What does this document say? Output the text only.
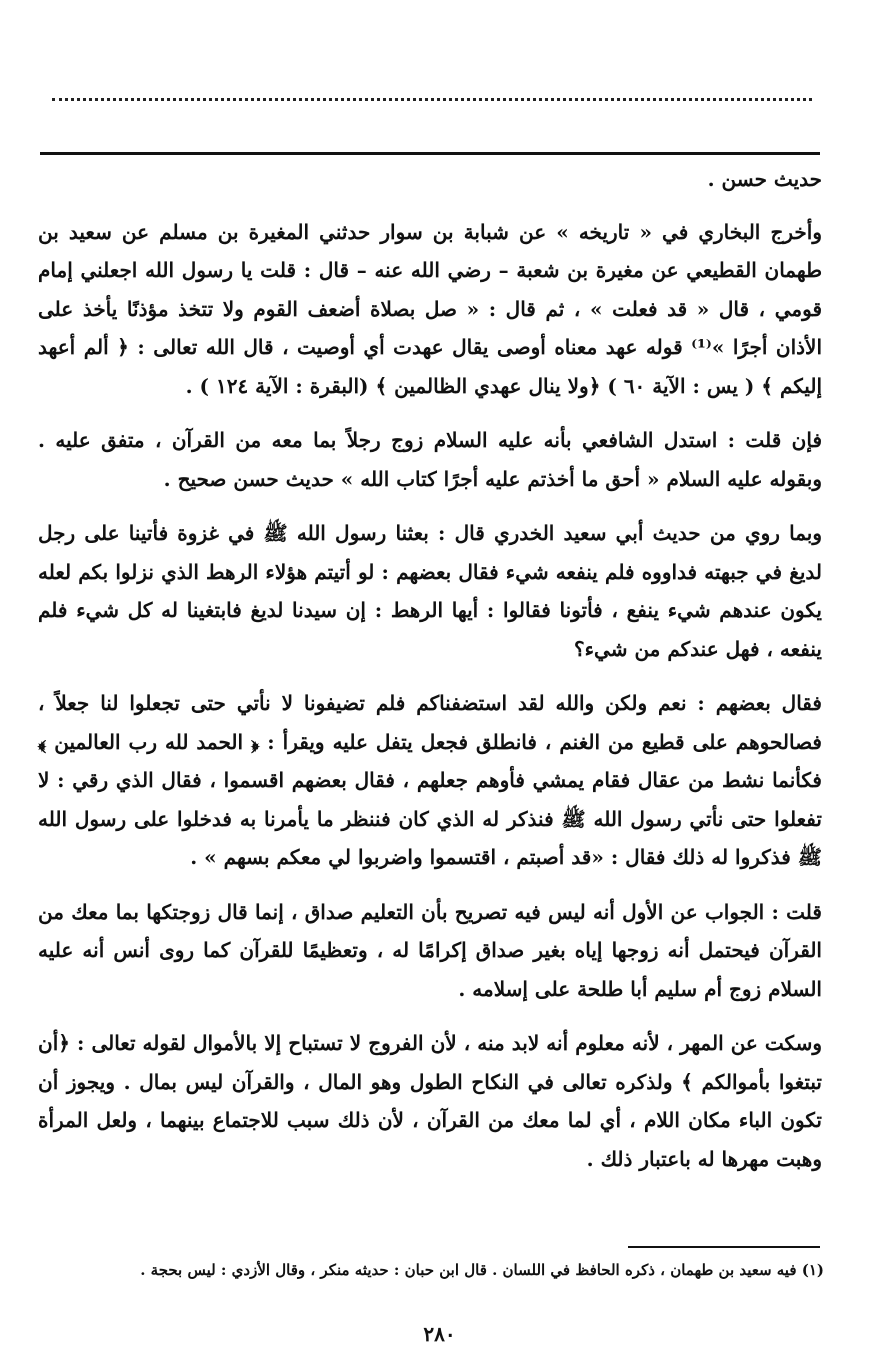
حديث حسن .

وأخرج البخاري في « تاريخه » عن شبابة بن سوار حدثني المغيرة بن مسلم عن سعيد بن طهمان القطيعي عن مغيرة بن شعبة – رضي الله عنه – قال : قلت يا رسول الله اجعلني إمام قومي ، قال « قد فعلت » ، ثم قال : « صل بصلاة أضعف القوم ولا تتخذ مؤذنًا يأخذ على الأذان أجرًا »⁽¹⁾ قوله عهد معناه أوصى يقال عهدت أي أوصيت ، قال الله تعالى : ﴿ ألم أعهد إليكم ﴾ ( يس : الآية ٦٠ ) ﴿ولا ينال عهدي الظالمين ﴾ (البقرة : الآية ١٢٤ ) .

فإن قلت : استدل الشافعي بأنه عليه السلام زوج رجلاً بما معه من القرآن ، متفق عليه . وبقوله عليه السلام « أحق ما أخذتم عليه أجرًا كتاب الله » حديث حسن صحيح .

وبما روي من حديث أبي سعيد الخدري قال : بعثنا رسول الله ﷺ في غزوة فأتينا على رجل لديغ في جبهته فداووه فلم ينفعه شيء فقال بعضهم : لو أتيتم هؤلاء الرهط الذي نزلوا بكم لعله يكون عندهم شيء ينفع ، فأتونا فقالوا : أيها الرهط : إن سيدنا لديغ فابتغينا له كل شيء فلم ينفعه ، فهل عندكم من شيء؟

فقال بعضهم : نعم ولكن والله لقد استضفناكم فلم تضيفونا لا نأتي حتى تجعلوا لنا جعلاً ، فصالحوهم على قطيع من الغنم ، فانطلق فجعل يتفل عليه ويقرأ : ﴿ الحمد لله رب العالمين ﴾ فكأنما نشط من عقال فقام يمشي فأوهم جعلهم ، فقال بعضهم اقسموا ، فقال الذي رقي : لا تفعلوا حتى نأتي رسول الله ﷺ فنذكر له الذي كان فننظر ما يأمرنا به فدخلوا على رسول الله ﷺ فذكروا له ذلك فقال : «قد أصبتم ، اقتسموا واضربوا لي معكم بسهم » .

قلت : الجواب عن الأول أنه ليس فيه تصريح بأن التعليم صداق ، إنما قال زوجتكها بما معك من القرآن فيحتمل أنه زوجها إياه بغير صداق إكرامًا له ، وتعظيمًا للقرآن كما روى أنس أنه عليه السلام زوج أم سليم أبا طلحة على إسلامه .

وسكت عن المهر ، لأنه معلوم أنه لابد منه ، لأن الفروج لا تستباح إلا بالأموال لقوله تعالى : ﴿أن تبتغوا بأموالكم ﴾ ولذكره تعالى في النكاح الطول وهو المال ، والقرآن ليس بمال . ويجوز أن تكون الباء مكان اللام ، أي لما معك من القرآن ، لأن ذلك سبب للاجتماع بينهما ، ولعل المرأة وهبت مهرها له باعتبار ذلك .

(١) فيه سعيد بن طهمان ، ذكره الحافظ في اللسان . قال ابن حبان : حديثه منكر ، وقال الأزدي : ليس بحجة .
٢٨٠
